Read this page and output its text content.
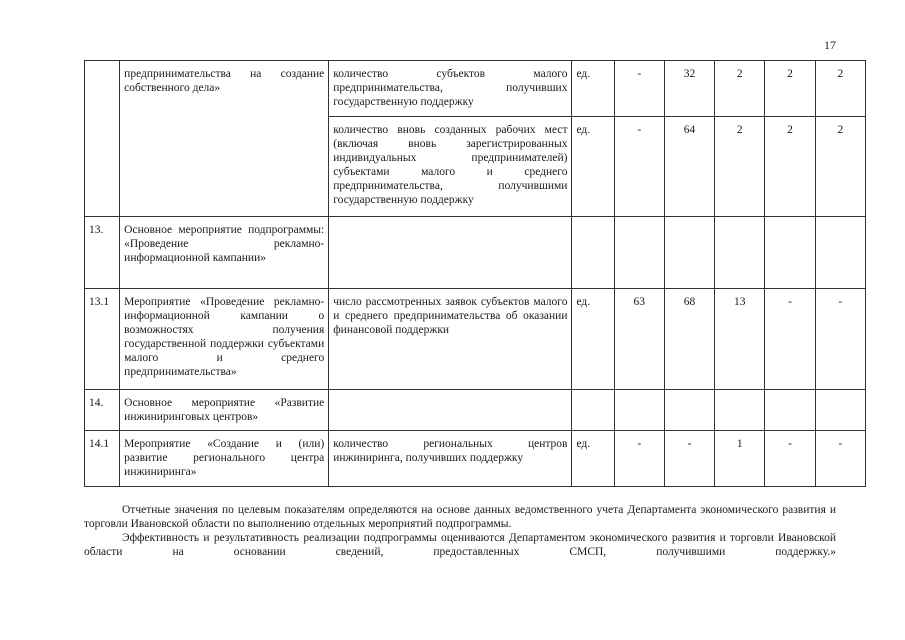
17
	предпринимательства на создание собственного дела»	количество субъектов малого предпринимательства, получивших государственную поддержку	ед.	-	32	2	2	2
		количество вновь созданных рабочих мест (включая вновь зарегистрированных индивидуальных предпринимателей) субъектами малого и среднего предпринимательства, получившими государственную поддержку	ед.	-	64	2	2	2
13.	Основное мероприятие подпрограммы: «Проведение рекламно-информационной кампании»							
13.1	Мероприятие «Проведение рекламно-информационной кампании о возможностях получения государственной поддержки субъектами малого и среднего предпринимательства»	число рассмотренных заявок субъектов малого и среднего предпринимательства об оказании финансовой поддержки	ед.	63	68	13	-	-
14.	Основное мероприятие «Развитие инжиниринговых центров»							
14.1	Мероприятие «Создание и (или) развитие регионального центра инжиниринга»	количество региональных центров инжиниринга, получивших поддержку	ед.	-	-	1	-	-

Отчетные значения по целевым показателям определяются на основе данных ведомственного учета Департамента экономического развития и торговли Ивановской области по выполнению отдельных мероприятий подпрограммы.

Эффективность и результативность реализации подпрограммы оцениваются Департаментом экономического развития и торговли Ивановской области на основании сведений, предоставленных СМСП, получившими поддержку.»
